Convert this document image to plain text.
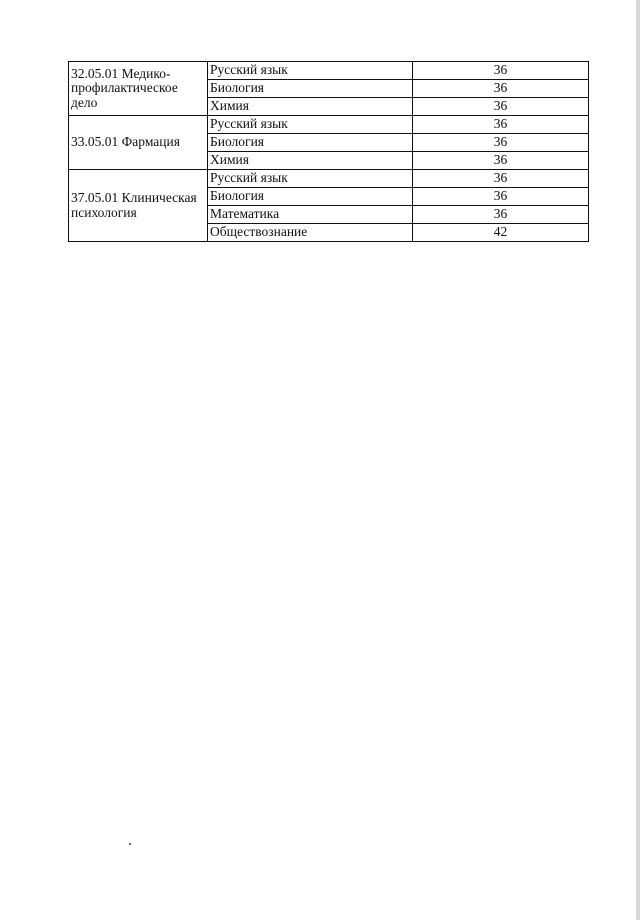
32.05.01 Медико-профилактическое дело	Русский язык	36
	Биология	36
	Химия	36
33.05.01 Фармация	Русский язык	36
	Биология	36
	Химия	36
37.05.01 Клиническая психология	Русский язык	36
	Биология	36
	Математика	36
	Обществознание	42
